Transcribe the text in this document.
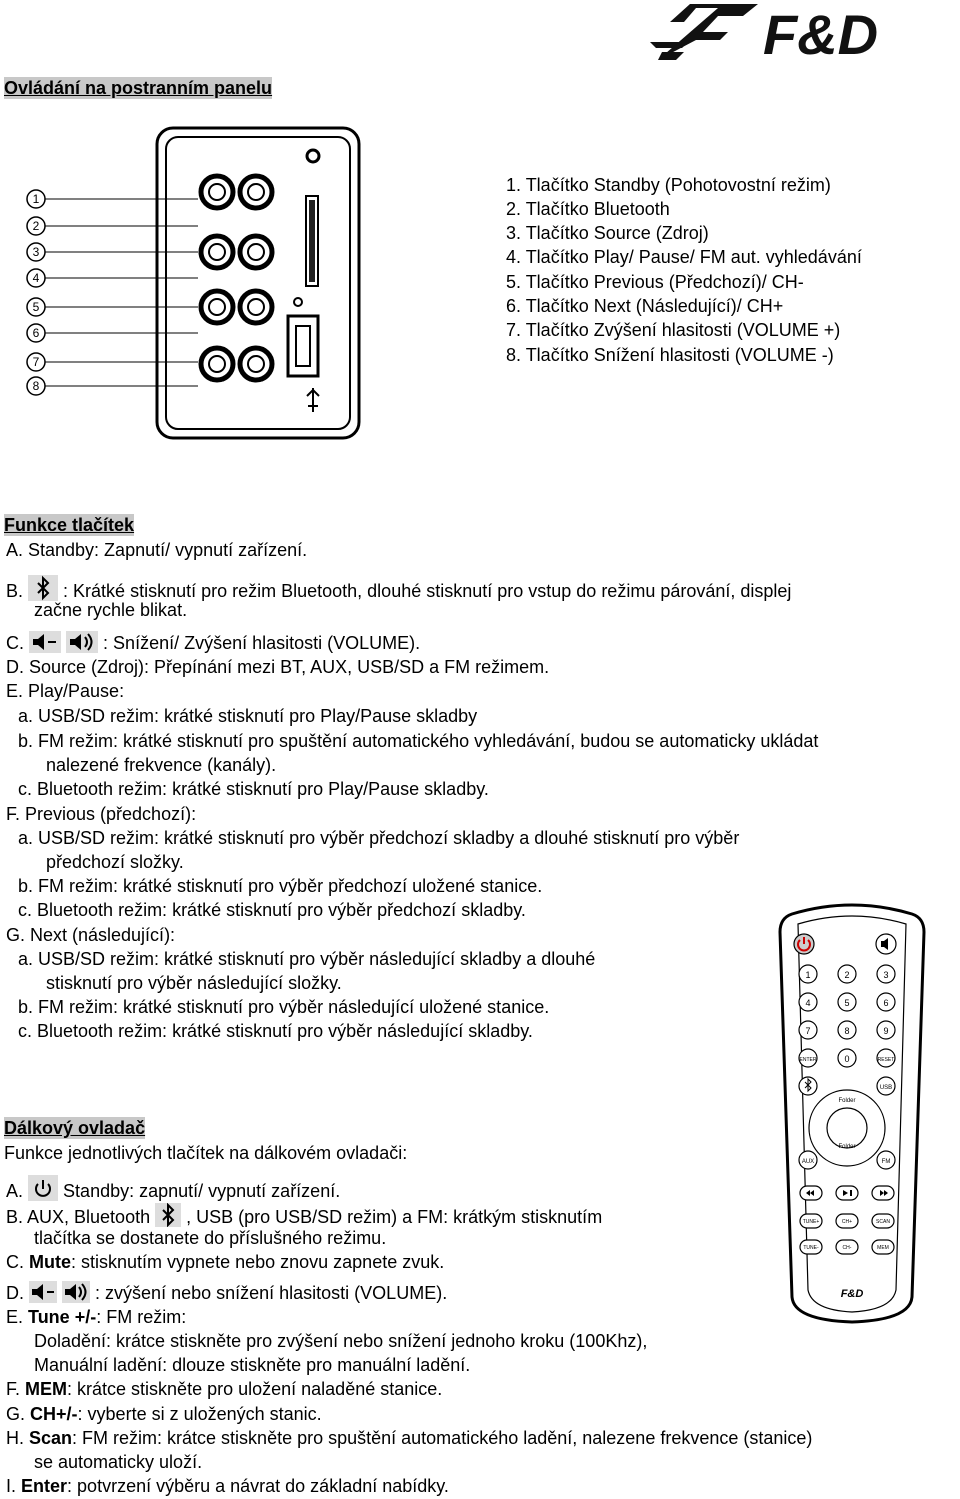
F&D
Ovládání na postranním panelu
1
2
3
4
5
6
7
8
1. Tlačítko Standby (Pohotovostní režim)
2. Tlačítko Bluetooth
3. Tlačítko Source (Zdroj)
4. Tlačítko Play/ Pause/ FM aut. vyhledávání
5. Tlačítko Previous (Předchozí)/ CH-
6. Tlačítko Next (Následující)/ CH+
7. Tlačítko Zvýšení hlasitosti (VOLUME +)
8. Tlačítko Snížení hlasitosti (VOLUME -)
Funkce tlačítek
A. Standby: Zapnutí/ vypnutí zařízení.
B. : Krátké stisknutí pro režim Bluetooth, dlouhé stisknutí pro vstup do režimu párování, displej
začne rychle blikat.
C.	: Snížení/ Zvýšení hlasitosti (VOLUME).
D. Source (Zdroj): Přepínání mezi BT, AUX, USB/SD a FM režimem.
E. Play/Pause:
a. USB/SD režim: krátké stisknutí pro Play/Pause skladby
b. FM režim: krátké stisknutí pro spuštění automatického vyhledávání, budou se automaticky ukládat
nalezené frekvence (kanály).
c. Bluetooth režim: krátké stisknutí pro Play/Pause skladby.
F. Previous (předchozí):
a. USB/SD režim: krátké stisknutí pro výběr předchozí skladby a dlouhé stisknutí pro výběr
předchozí složky.
b. FM režim: krátké stisknutí pro výběr předchozí uložené stanice.
c. Bluetooth režim: krátké stisknutí pro výběr předchozí skladby.
G. Next (následující):
a. USB/SD režim: krátké stisknutí pro výběr následující skladby a dlouhé
stisknutí pro výběr následující složky.
b. FM režim: krátké stisknutí pro výběr následující uložené stanice.
c. Bluetooth režim: krátké stisknutí pro výběr následující skladby.
1	2	3
4	5	6
7	8	9
ENTER	0	RESET
USB
AUX	FM
Folder
Folder
TUNE+	CH+	SCAN
TUNE-	CH-	MEM
F&D
Dálkový ovladač
Funkce jednotlivých tlačítek na dálkovém ovladači:
A. Standby: zapnutí/ vypnutí zařízení.
B. AUX, Bluetooth , USB (pro USB/SD režim) a FM: krátkým stisknutím
tlačítka se dostanete do příslušného režimu.
C. Mute: stisknutím vypnete nebo znovu zapnete zvuk.
D.	: zvýšení nebo snížení hlasitosti (VOLUME).
E. Tune +/-: FM režim:
Doladění: krátce stiskněte pro zvýšení nebo snížení jednoho kroku (100Khz),
Manuální ladění: dlouze stiskněte pro manuální ladění.
F. MEM: krátce stiskněte pro uložení naladěné stanice.
G. CH+/-: vyberte si z uložených stanic.
H. Scan: FM režim: krátce stiskněte pro spuštění automatického ladění, nalezene frekvence (stanice)
se automaticky uloží.
I. Enter: potvrzení výběru a návrat do základní nabídky.
